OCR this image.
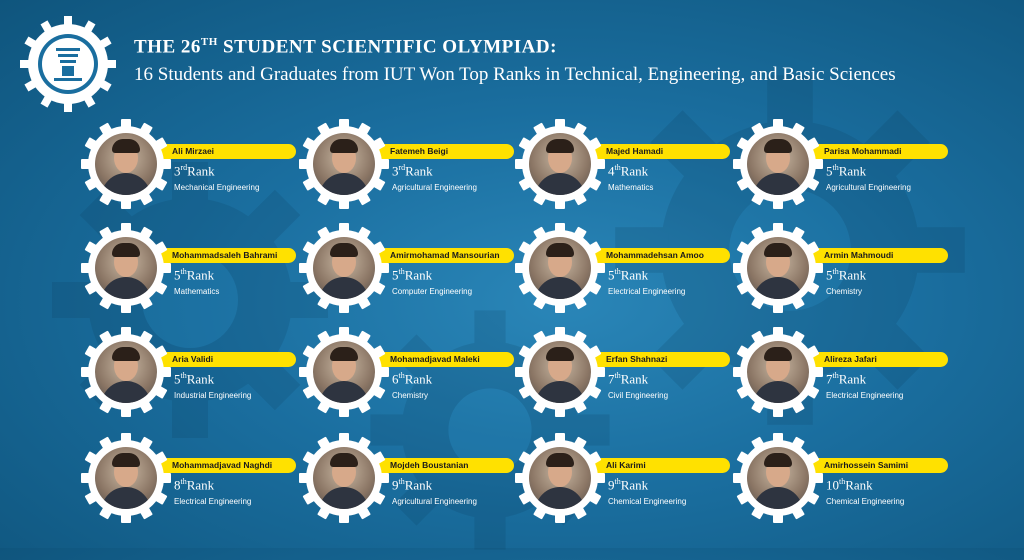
THE 26TH STUDENT SCIENTIFIC OLYMPIAD:
16 Students and Graduates from IUT Won Top Ranks in Technical, Engineering, and Basic Sciences
Ali Mirzaei
3rdRank
Mechanical Engineering
Fatemeh Beigi
3rdRank
Agricultural Engineering
Majed Hamadi
4thRank
Mathematics
Parisa Mohammadi
5thRank
Agricultural Engineering
Mohammadsaleh Bahrami
5thRank
Mathematics
Amirmohamad Mansourian
5thRank
Computer Engineering
Mohammadehsan Amoo
5thRank
Electrical Engineering
Armin Mahmoudi
5thRank
Chemistry
Aria Validi
5thRank
Industrial Engineering
Mohamadjavad Maleki
6thRank
Chemistry
Erfan Shahnazi
7thRank
Civil Engineering
Alireza Jafari
7thRank
Electrical Engineering
Mohammadjavad Naghdi
8thRank
Electrical Engineering
Mojdeh Boustanian
9thRank
Agricultural Engineering
Ali Karimi
9thRank
Chemical Engineering
Amirhossein Samimi
10thRank
Chemical Engineering
